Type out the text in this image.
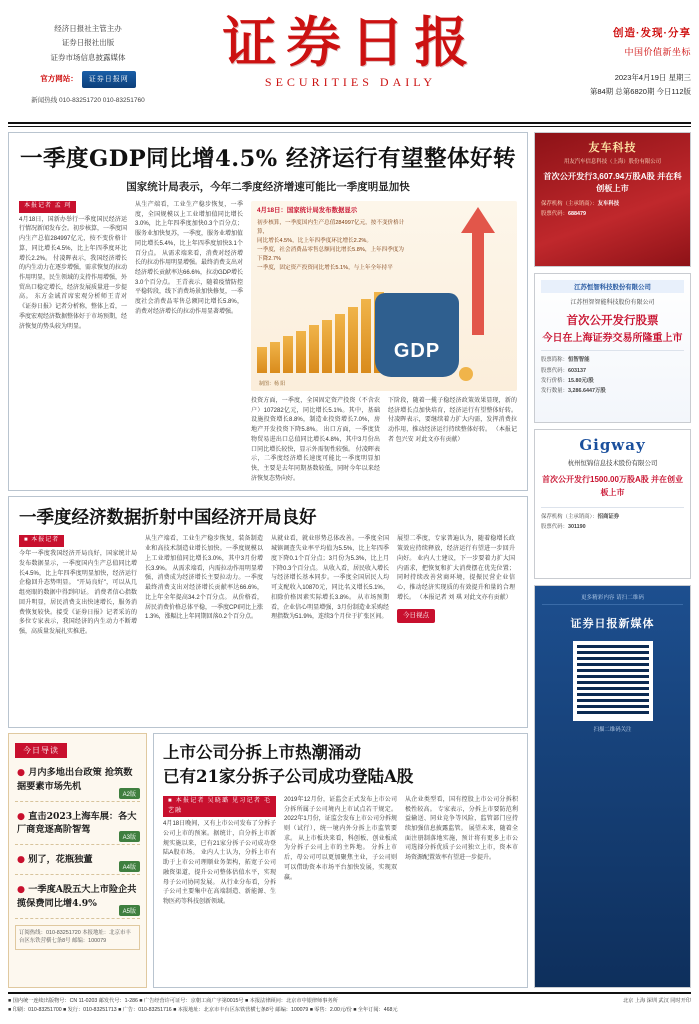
经济日报社主管主办
证券日报社出版
证券市场信息披露媒体
官方网站：	证券日报网
新闻热线 010-83251720 010-83251760
证券日报
SECURITIES DAILY
创造·发现·分享
中国价值新坐标
2023年4月19日 星期三
第84期 总第6820期 今日112版
一季度GDP同比增4.5% 经济运行有望整体好转
国家统计局表示，今年二季度经济增速可能比一季度明显加快
本报记者 孟 珂
4月18日，国新办举行一季度国民经济运行情况新闻发布会。初步核算，一季度国内生产总值284997亿元，按不变价格计算，同比增长4.5%，比上年四季度环比增长2.2%。 付凌晖表示，我国经济增长的内生动力在逐步增强，需求恢复的拉动作用明显，民生领域的支持作用增强，外贸出口稳定增长，经济发展质量进一步提高。 东方金诚首席宏观分析师王青对《证券日报》记者分析称，整体上看，一季度宏观经济数据整体好于市场预期，经济恢复的势头较为明显。
从生产端看，工业生产稳步恢复，一季度，全国规模以上工业增加值同比增长3.0%，比上年四季度加快0.3个百分点；服务业加快复苏，一季度，服务业增加值同比增长5.4%，比上年四季度加快3.1个百分点。 从需求端来看，消费对经济增长的拉动作用明显增强。最终消费支出对经济增长贡献率达66.6%，拉动GDP增长3.0个百分点。 王青表示，随着疫情防控平稳转段，线下消费场景加快修复，一季度社会消费品零售总额同比增长5.8%，消费对经济增长的拉动作用显著增强。
4月18日：国家统计局发布数据显示
初步核算，一季度国内生产总值284997亿元，按不变价格计算，
同比增长4.5%，比上年四季度环比增长2.2%。
一季度，社会消费品零售总额同比增长5.8%，上年四季度为下降2.7%
一季度，固定资产投资同比增长5.1%，与上年全年持平
GDP
制图：杨 阳
投资方面，一季度，全国固定资产投资（不含农户）107282亿元，同比增长5.1%。其中，基础设施投资增长8.8%，制造业投资增长7.0%，房地产开发投资下降5.8%。 出口方面，一季度货物贸易进出口总值同比增长4.8%，其中3月份出口同比增长较快，显示外需韧性较强。 付凌晖表示，二季度经济增长速度可能比一季度明显加快，主要是去年同期基数较低，同时今年以来经济恢复态势向好。
下阶段，随着一揽子稳经济政策效果显现，新的经济增长点加快培育，经济运行有望整体好转。 付凌晖表示，要继续着力扩大内需，发挥消费拉动作用，推动经济运行持续整体好转。 （本报记者 包兴安 对此文亦有贡献）
一季度经济数据折射中国经济开局良好
■ 本报记者
今年一季度我国经济开局良好，国家统计局发布数据显示，一季度国内生产总值同比增长4.5%，比上年四季度明显加快，经济运行企稳回升态势明显。 "开局良好"，可以从几组亮眼的数据中得到印证。 消费者信心指数回升明显，居民消费支出快速增长，服务消费恢复较快。接受《证券日报》记者采访的多位专家表示，我国经济的内生动力不断增强，高质量发展扎实推进。
从生产端看，工业生产稳步恢复，装备制造业和高技术制造业增长加快。一季度规模以上工业增加值同比增长3.0%，其中3月份增长3.9%。 从需求端看，内需拉动作用明显增强，消费成为经济增长主要拉动力。一季度最终消费支出对经济增长贡献率达66.6%，比上年全年提高34.2个百分点。 从价格看，居民消费价格总体平稳，一季度CPI同比上涨1.3%，涨幅比上年同期回落0.2个百分点。
从就业看，就业形势总体改善。一季度全国城镇调查失业率平均值为5.5%，比上年四季度下降0.1个百分点；3月份为5.3%，比上月下降0.3个百分点。 从收入看，居民收入增长与经济增长基本同步。一季度全国居民人均可支配收入10870元，同比名义增长5.1%，扣除价格因素实际增长3.8%。 从市场预期看，企业信心明显增强，3月份制造业采购经理指数为51.9%，连续3个月位于扩张区间。
展望二季度，专家普遍认为，随着稳增长政策效应持续释放，经济运行有望进一步回升向好。 业内人士建议，下一步要着力扩大国内需求，把恢复和扩大消费摆在优先位置；同时持续改善营商环境，提振民营企业信心，推动经济实现质的有效提升和量的合理增长。 （本报记者 刘 琪 对此文亦有贡献）
今日视点
今日导读
● 月内多地出台政策 抢筑数据要素市场先机
A2版
● 直击2023上海车展：各大厂商竞逐高阶智驾
A3版
● 别了，花瓶独董
A4版
● 一季度A股五大上市险企共揽保费同比增4.9%
A5版
订阅热线：010-83251720 本报地址：北京市丰台区东铁营横七条8号 邮编：100079
上市公司分拆上市热潮涌动
已有21家分拆子公司成功登陆A股
■ 本报记者 吴晓璐 见习记者 毛艺融
4月18日晚间，又有上市公司发布了分拆子公司上市的预案。据统计，自分拆上市新规实施以来，已有21家分拆子公司成功登陆A股市场。 业内人士认为，分拆上市有助于上市公司理顺业务架构，拓宽子公司融资渠道，提升公司整体估值水平，实现母子公司协同发展。 从行业分布看，分拆子公司主要集中在高端制造、新能源、生物医药等科技创新领域。
2019年12月份，证监会正式发布上市公司分拆所属子公司境内上市试点若干规定。2022年1月份，证监会发布上市公司分拆规则（试行），统一境内外分拆上市监管要求。 从上市板块来看，科创板、创业板成为分拆子公司上市的主阵地。 分拆上市后，母公司可以更加聚焦主业，子公司则可以借助资本市场平台加快发展，实现双赢。
从企业类型看，国有控股上市公司分拆积极性较高。 专家表示，分拆上市要防范利益输送、同业竞争等风险，监管部门应持续加强信息披露监管。 展望未来，随着全面注册制落地实施，预计将有更多上市公司选择分拆优质子公司独立上市，资本市场资源配置效率有望进一步提升。
友车科技
用友汽车信息科技（上海）股份有限公司
首次公开发行3,607.94万股A股 并在科创板上市
保荐机构（主承销商）：友车科技
股票代码：688479
江苏恒智科技股份有限公司
江苏恒智智能科技股份有限公司
首次公开发行股票
今日在上海证券交易所隆重上市
股票简称：恒智智能
股票代码：603137
发行价格：15.80元/股
发行数量：3,286.6447万股
Gigway
杭州恒锦信息技术股份有限公司
首次公开发行1500.00万股A股 并在创业板上市
保荐机构（主承销商）：招商证券
股票代码：301190
更多精彩内容 请扫二维码
证券日报新媒体
扫描二维码关注
■ 国内统一连续出版物号：CN 11-0203 邮发代号：1-286 ■ 广告经营许可证号：京朝工商广字第0015号 ■ 本报法律顾问：北京市中银律师事务所
■ 印刷：010-83251700 ■ 发行：010-83251713 ■ 广告：010-83251716 ■ 本报地址：北京市丰台区东铁营横七条8号 邮编：100079 ■ 零售：2.00元/份 ■ 全年订阅：468元
北京 上海 深圳 武汉 同时开印
